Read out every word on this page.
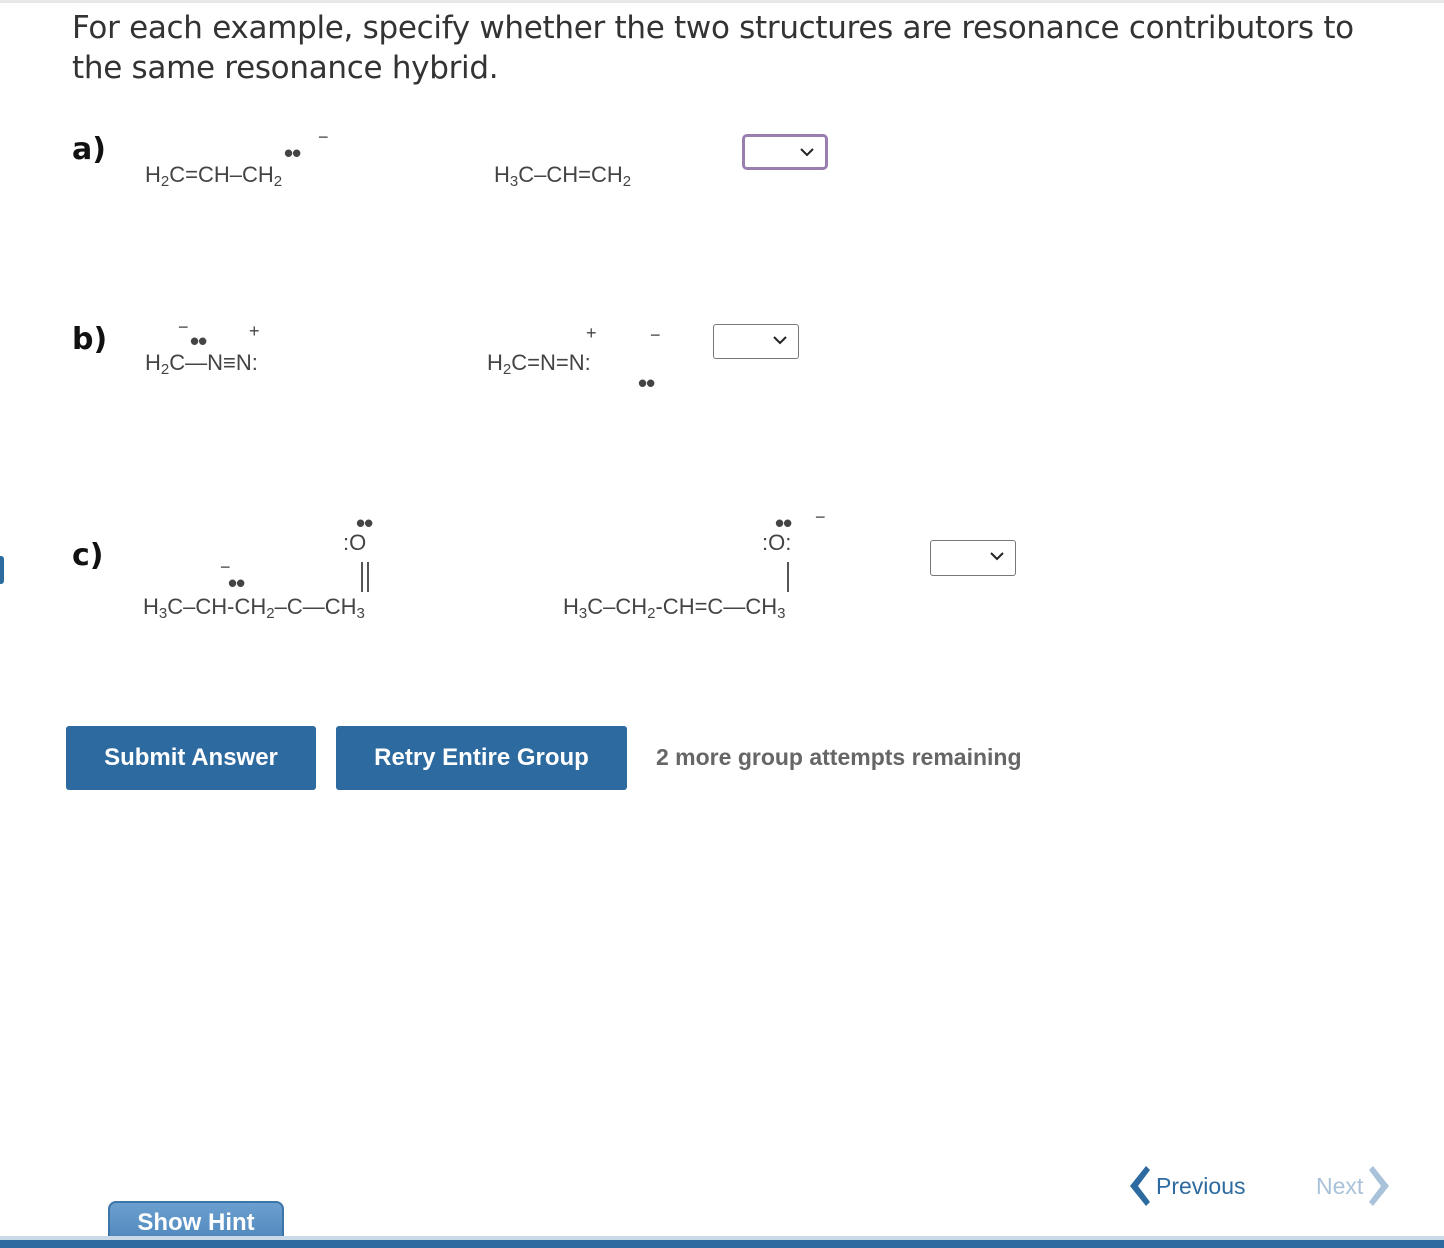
For each example, specify whether the two structures are resonance contributors to the same resonance hybrid.
a)
$H_2C=CH-CH_2$
••
−
$H_3C-CH=CH_2$
b)
$H_2C—N\equiv N$:
− •• +
$H_2C=N=N$:
+	−
••
c)
$H_3C-CH-CH_2-C—CH_3$
−
••
:O
••
$H_3C-CH_2-CH=C—CH_3$
:O:
•• −
Submit Answer	Retry Entire Group	2 more group attempts remaining
Show Hint
Previous	Next
